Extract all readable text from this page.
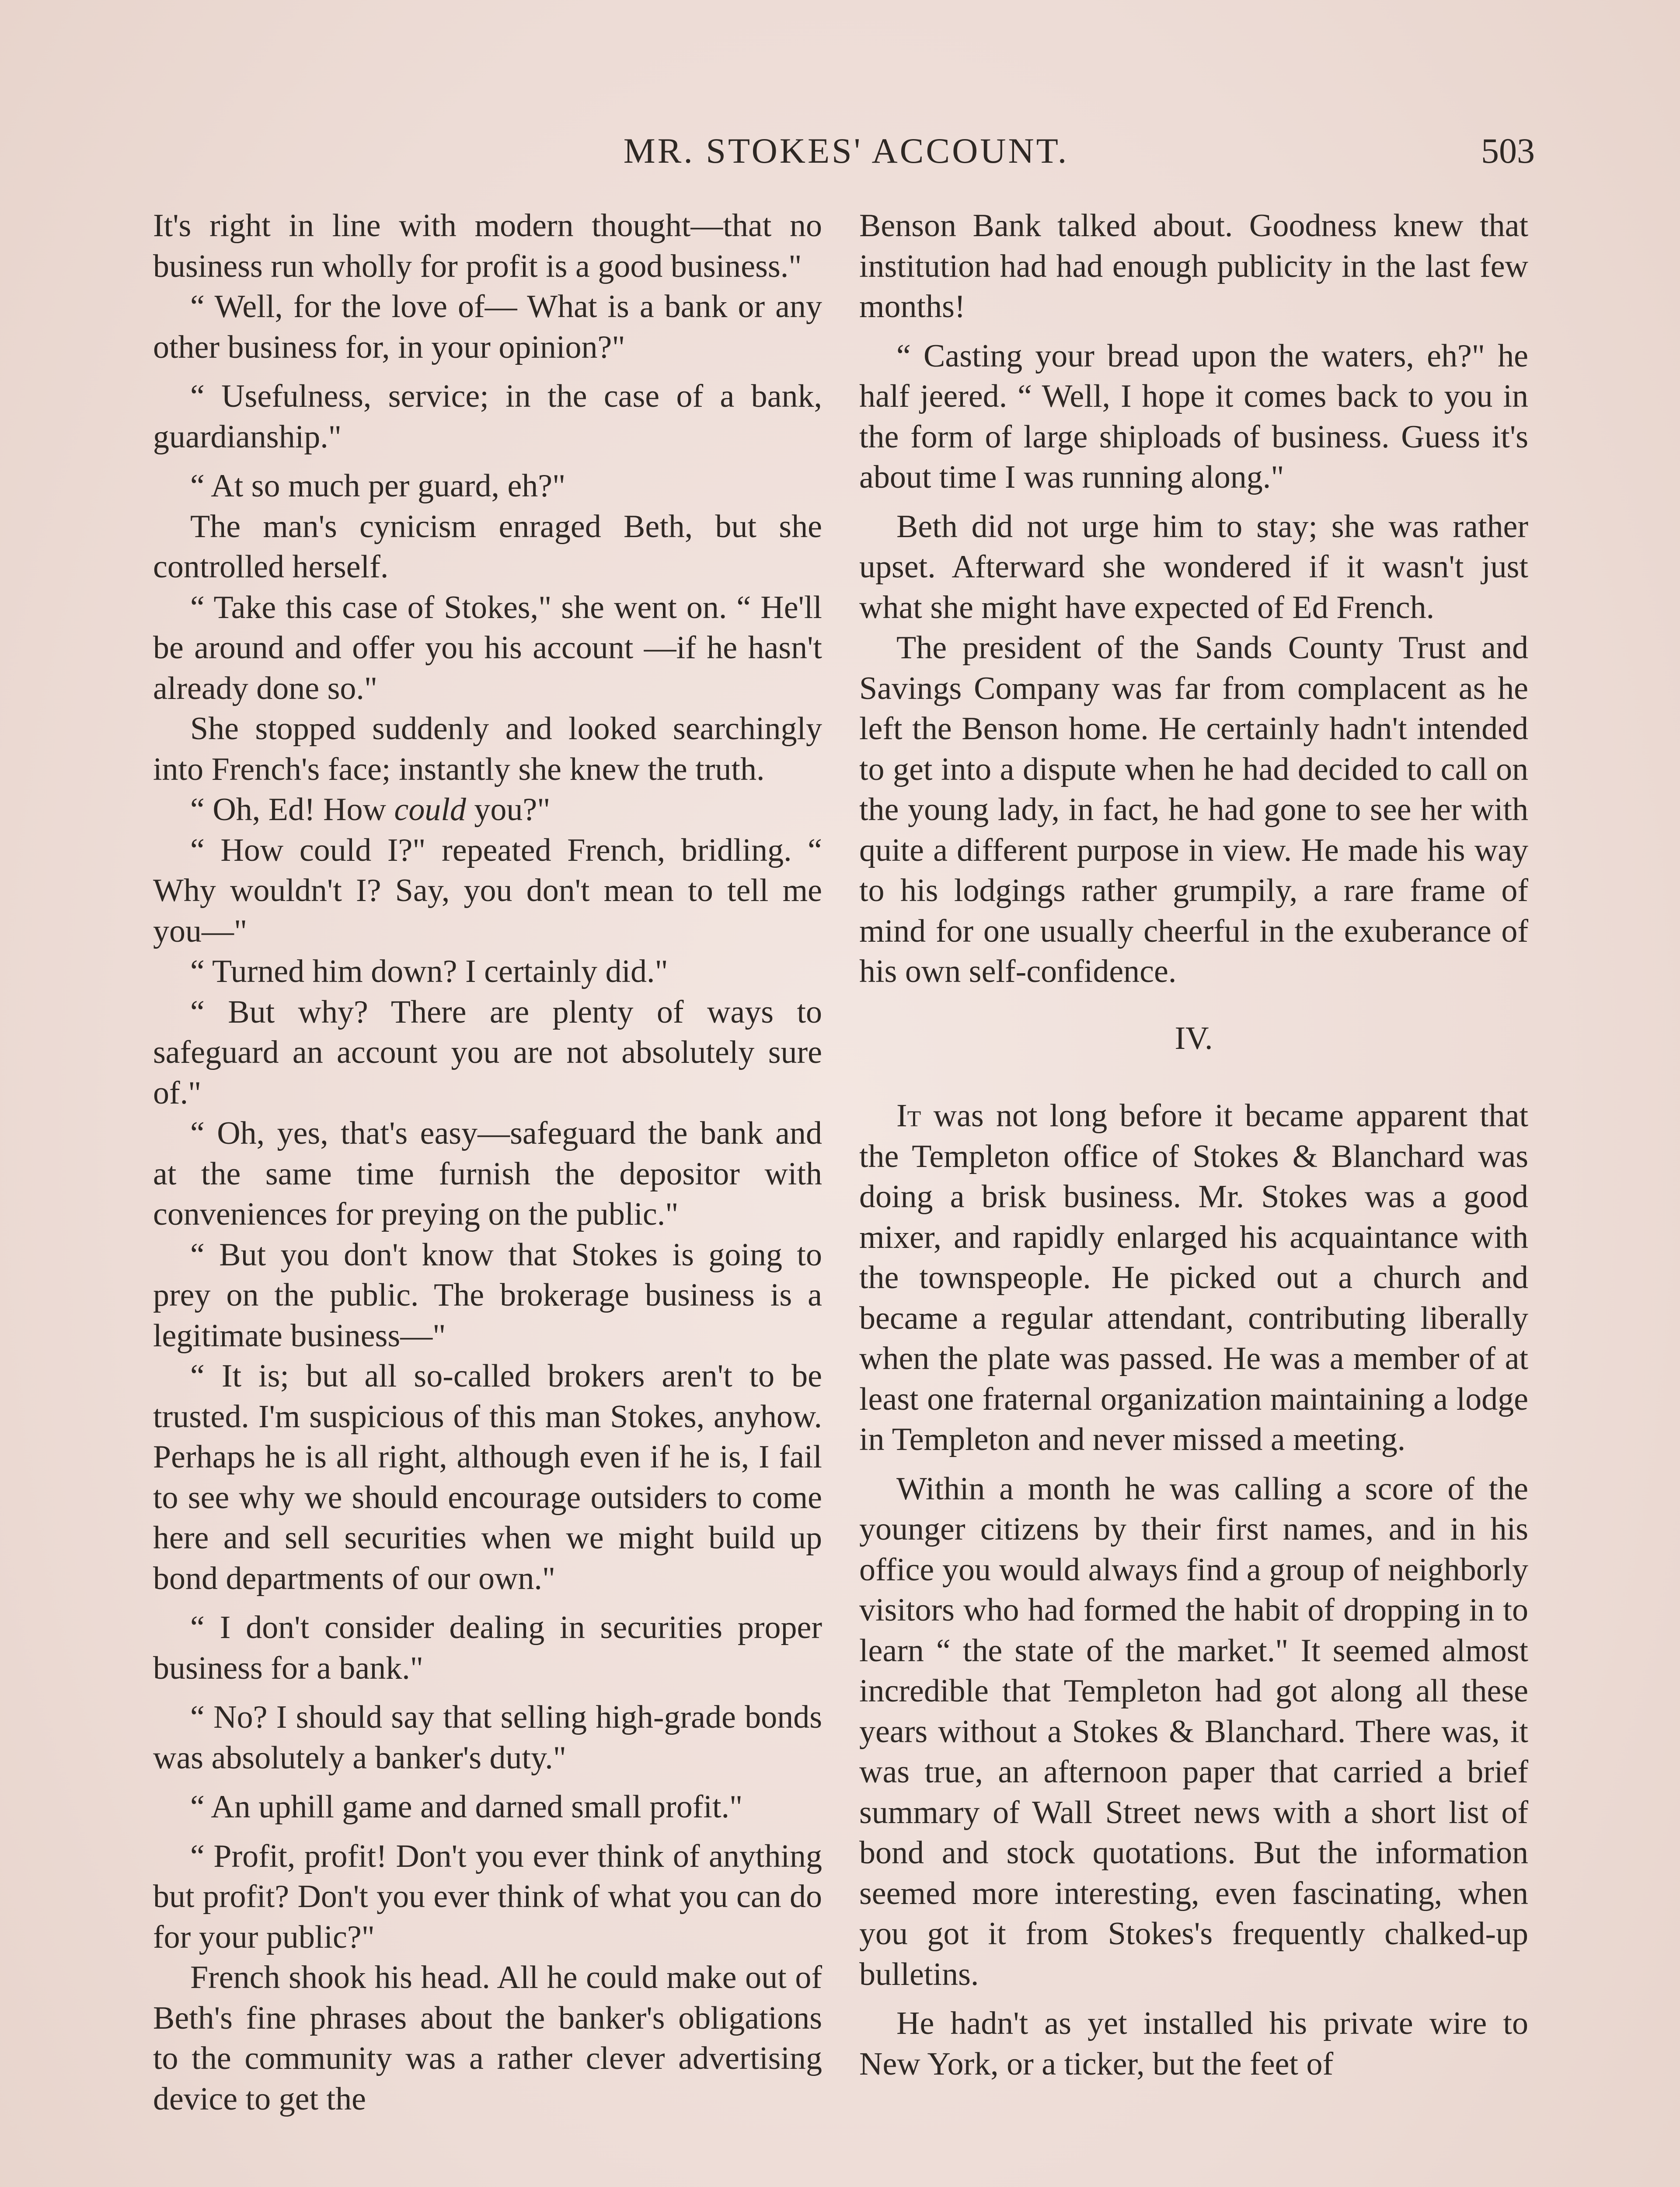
MR. STOKES' ACCOUNT.	503

It's right in line with modern thought—that no business run wholly for profit is a good business."

“ Well, for the love of— What is a bank or any other business for, in your opinion?"

“ Usefulness, service; in the case of a bank, guardianship."

“ At so much per guard, eh?"

The man's cynicism enraged Beth, but she controlled herself.

“ Take this case of Stokes," she went on. “ He'll be around and offer you his account —if he hasn't already done so."

She stopped suddenly and looked searchingly into French's face; instantly she knew the truth.

“ Oh, Ed! How could you?"

“ How could I?" repeated French, bridling. “ Why wouldn't I? Say, you don't mean to tell me you—"

“ Turned him down? I certainly did."

“ But why? There are plenty of ways to safeguard an account you are not absolutely sure of."

“ Oh, yes, that's easy—safeguard the bank and at the same time furnish the depositor with conveniences for preying on the public."

“ But you don't know that Stokes is going to prey on the public. The brokerage business is a legitimate business—"

“ It is; but all so-called brokers aren't to be trusted. I'm suspicious of this man Stokes, anyhow. Perhaps he is all right, although even if he is, I fail to see why we should encourage outsiders to come here and sell securities when we might build up bond departments of our own."

“ I don't consider dealing in securities proper business for a bank."

“ No? I should say that selling high-grade bonds was absolutely a banker's duty."

“ An uphill game and darned small profit."

“ Profit, profit! Don't you ever think of anything but profit? Don't you ever think of what you can do for your public?"

French shook his head. All he could make out of Beth's fine phrases about the banker's obligations to the community was a rather clever advertising device to get the

Benson Bank talked about. Goodness knew that institution had had enough publicity in the last few months!

“ Casting your bread upon the waters, eh?" he half jeered. “ Well, I hope it comes back to you in the form of large shiploads of business. Guess it's about time I was running along."

Beth did not urge him to stay; she was rather upset. Afterward she wondered if it wasn't just what she might have expected of Ed French.

The president of the Sands County Trust and Savings Company was far from complacent as he left the Benson home. He certainly hadn't intended to get into a dispute when he had decided to call on the young lady, in fact, he had gone to see her with quite a different purpose in view. He made his way to his lodgings rather grumpily, a rare frame of mind for one usually cheerful in the exuberance of his own self-confidence.

IV.

It was not long before it became apparent that the Templeton office of Stokes & Blanchard was doing a brisk business. Mr. Stokes was a good mixer, and rapidly enlarged his acquaintance with the townspeople. He picked out a church and became a regular attendant, contributing liberally when the plate was passed. He was a member of at least one fraternal organization maintaining a lodge in Templeton and never missed a meeting.

Within a month he was calling a score of the younger citizens by their first names, and in his office you would always find a group of neighborly visitors who had formed the habit of dropping in to learn “ the state of the market." It seemed almost incredible that Templeton had got along all these years without a Stokes & Blanchard. There was, it was true, an afternoon paper that carried a brief summary of Wall Street news with a short list of bond and stock quotations. But the information seemed more interesting, even fascinating, when you got it from Stokes's frequently chalked-up bulletins.

He hadn't as yet installed his private wire to New York, or a ticker, but the feet of
